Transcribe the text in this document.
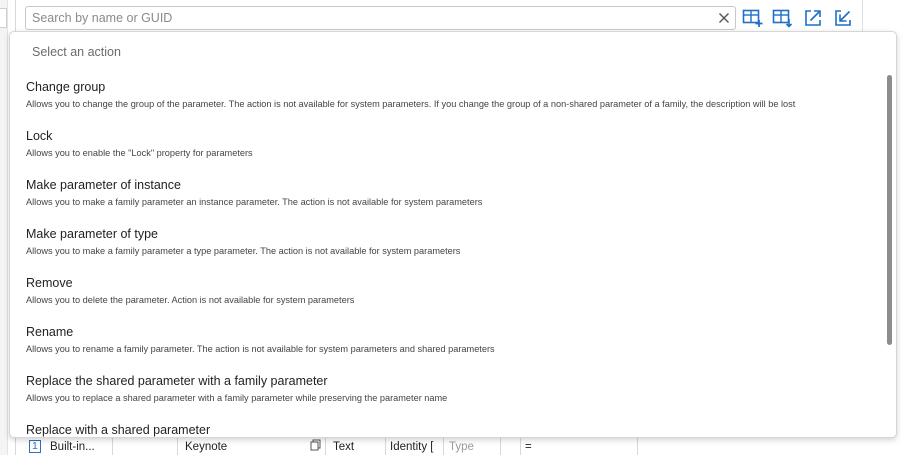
Search by name or GUID
1 Built-in...	Keynote	Text	Identity [	Type	=
Select an action
Change group
Allows you to change the group of the parameter. The action is not available for system parameters. If you change the group of a non-shared parameter of a family, the description will be lost
Lock
Allows you to enable the "Lock" property for parameters
Make parameter of instance
Allows you to make a family parameter an instance parameter. The action is not available for system parameters
Make parameter of type
Allows you to make a family parameter a type parameter. The action is not available for system parameters
Remove
Allows you to delete the parameter. Action is not available for system parameters
Rename
Allows you to rename a family parameter. The action is not available for system parameters and shared parameters
Replace the shared parameter with a family parameter
Allows you to replace a shared parameter with a family parameter while preserving the parameter name
Replace with a shared parameter
